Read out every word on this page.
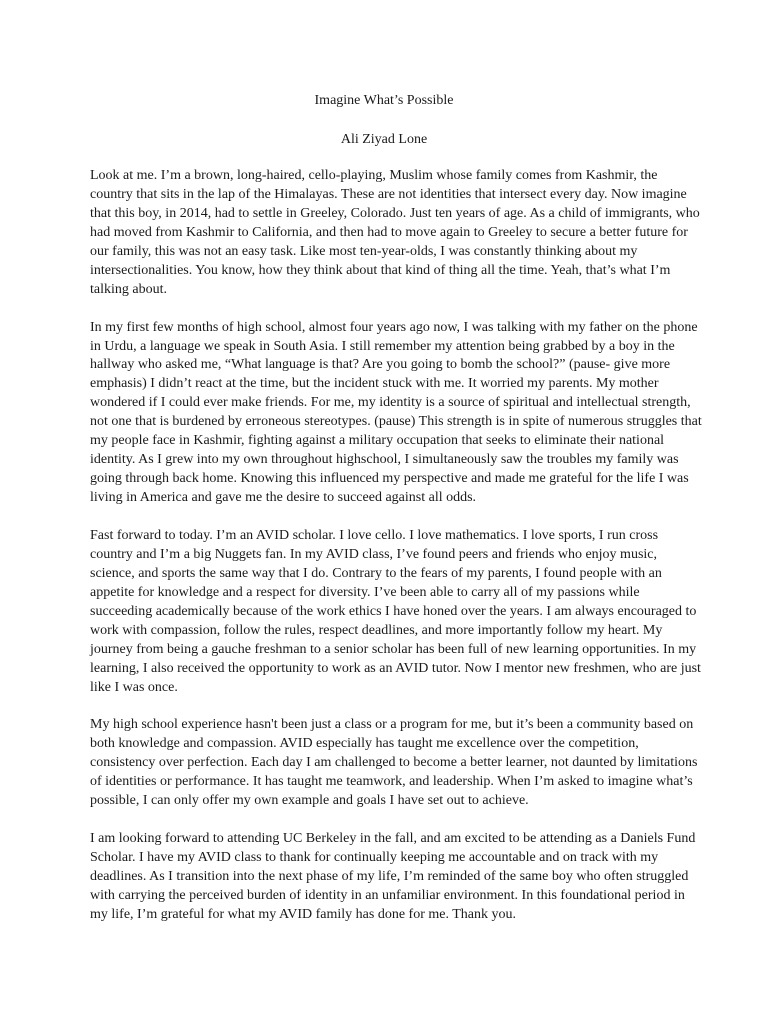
Imagine What’s Possible
Ali Ziyad Lone

Look at me. I’m a brown, long-haired, cello-playing, Muslim whose family comes from Kashmir, the country that sits in the lap of the Himalayas. These are not identities that intersect every day. Now imagine that this boy, in 2014, had to settle in Greeley, Colorado. Just ten years of age. As a child of immigrants, who had moved from Kashmir to California, and then had to move again to Greeley to secure a better future for our family, this was not an easy task. Like most ten-year-olds, I was constantly thinking about my intersectionalities. You know, how they think about that kind of thing all the time. Yeah, that’s what I’m talking about.

In my first few months of high school, almost four years ago now, I was talking with my father on the phone in Urdu, a language we speak in South Asia. I still remember my attention being grabbed by a boy in the hallway who asked me, “What language is that? Are you going to bomb the school?” (pause- give more emphasis) I didn’t react at the time, but the incident stuck with me. It worried my parents. My mother wondered if I could ever make friends. For me, my identity is a source of spiritual and intellectual strength, not one that is burdened by erroneous stereotypes. (pause) This strength is in spite of numerous struggles that my people face in Kashmir, fighting against a military occupation that seeks to eliminate their national identity. As I grew into my own throughout highschool, I simultaneously saw the troubles my family was going through back home. Knowing this influenced my perspective and made me grateful for the life I was living in America and gave me the desire to succeed against all odds.

Fast forward to today. I’m an AVID scholar. I love cello. I love mathematics. I love sports, I run cross country and I’m a big Nuggets fan. In my AVID class, I’ve found peers and friends who enjoy music, science, and sports the same way that I do. Contrary to the fears of my parents, I found people with an appetite for knowledge and a respect for diversity. I’ve been able to carry all of my passions while succeeding academically because of the work ethics I have honed over the years. I am always encouraged to work with compassion, follow the rules, respect deadlines, and more importantly follow my heart. My journey from being a gauche freshman to a senior scholar has been full of new learning opportunities. In my learning, I also received the opportunity to work as an AVID tutor. Now I mentor new freshmen, who are just like I was once.

My high school experience hasn't been just a class or a program for me, but it’s been a community based on both knowledge and compassion. AVID especially has taught me excellence over the competition, consistency over perfection. Each day I am challenged to become a better learner, not daunted by limitations of identities or performance. It has taught me teamwork, and leadership. When I’m asked to imagine what’s possible, I can only offer my own example and goals I have set out to achieve.

I am looking forward to attending UC Berkeley in the fall, and am excited to be attending as a Daniels Fund Scholar. I have my AVID class to thank for continually keeping me accountable and on track with my deadlines. As I transition into the next phase of my life, I’m reminded of the same boy who often struggled with carrying the perceived burden of identity in an unfamiliar environment. In this foundational period in my life, I’m grateful for what my AVID family has done for me. Thank you.
